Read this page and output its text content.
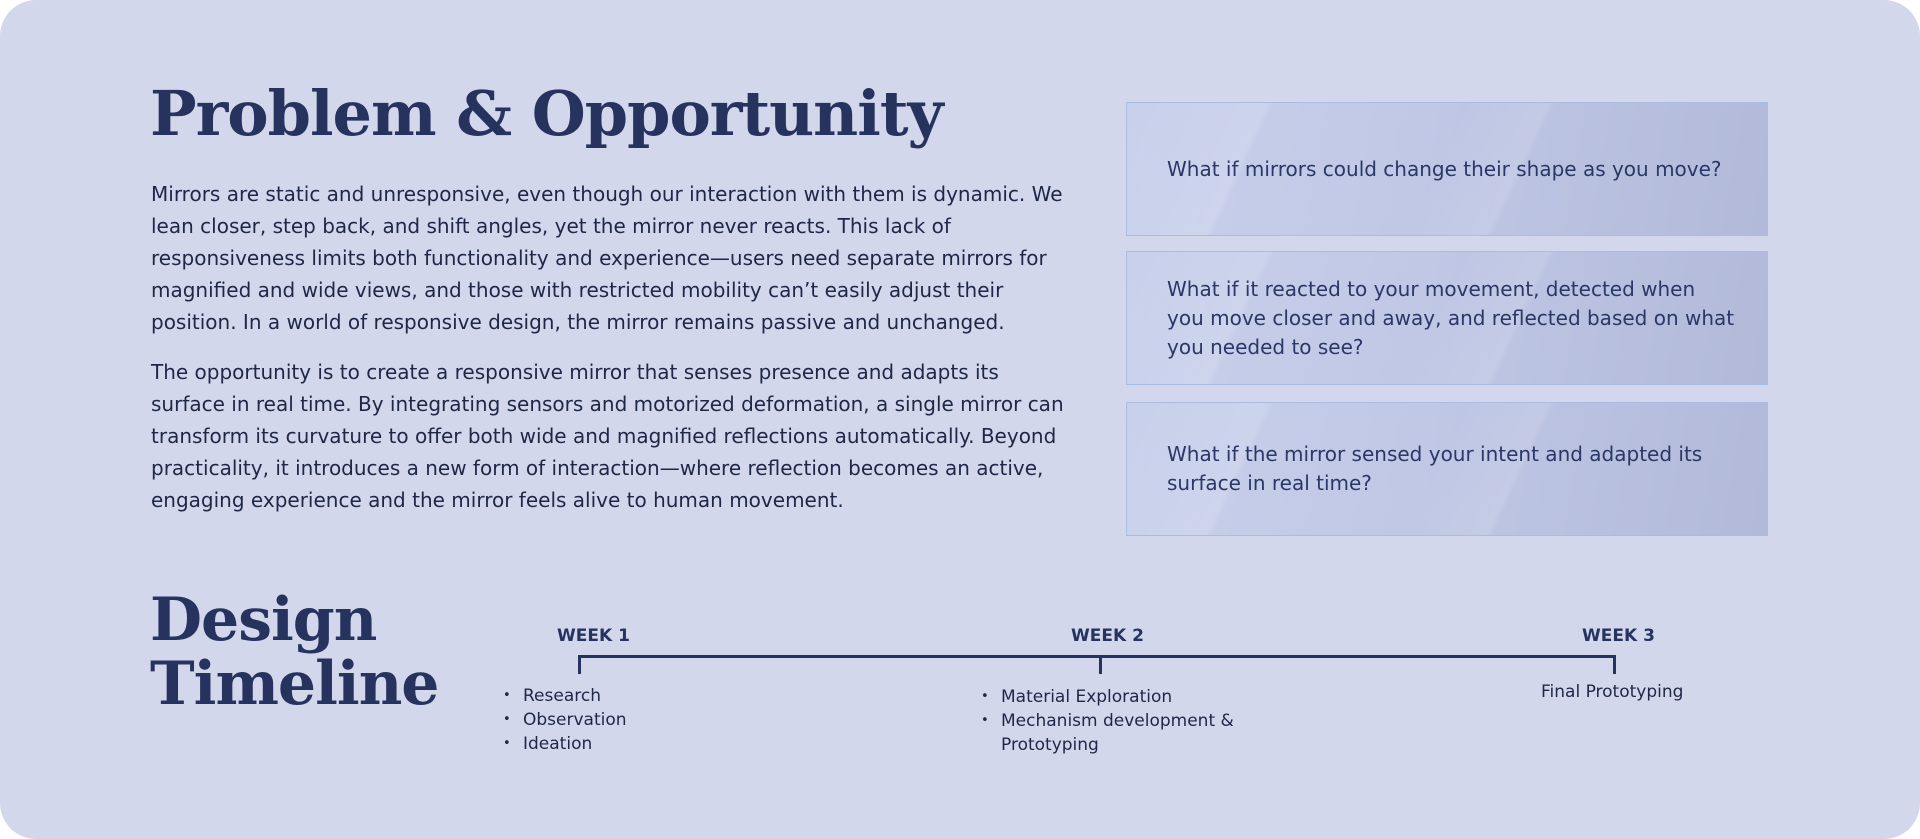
Problem & Opportunity

Mirrors are static and unresponsive, even though our interaction with them is dynamic. We lean closer, step back, and shift angles, yet the mirror never reacts. This lack of responsiveness limits both functionality and experience—users need separate mirrors for magnified and wide views, and those with restricted mobility can’t easily adjust their position. In a world of responsive design, the mirror remains passive and unchanged.

The opportunity is to create a responsive mirror that senses presence and adapts its surface in real time. By integrating sensors and motorized deformation, a single mirror can transform its curvature to offer both wide and magnified reflections automatically. Beyond practicality, it introduces a new form of interaction—where reflection becomes an active, engaging experience and the mirror feels alive to human movement.

What if mirrors could change their shape as you move?

What if it reacted to your movement, detected when you move closer and away, and reflected based on what you needed to see?

What if the mirror sensed your intent and adapted its surface in real time?

Design
Timeline
WEEK 1	WEEK 2	WEEK 3
• Research
• Observation
• Ideation
• Material Exploration
• Mechanism development & Prototyping
Final Prototyping
